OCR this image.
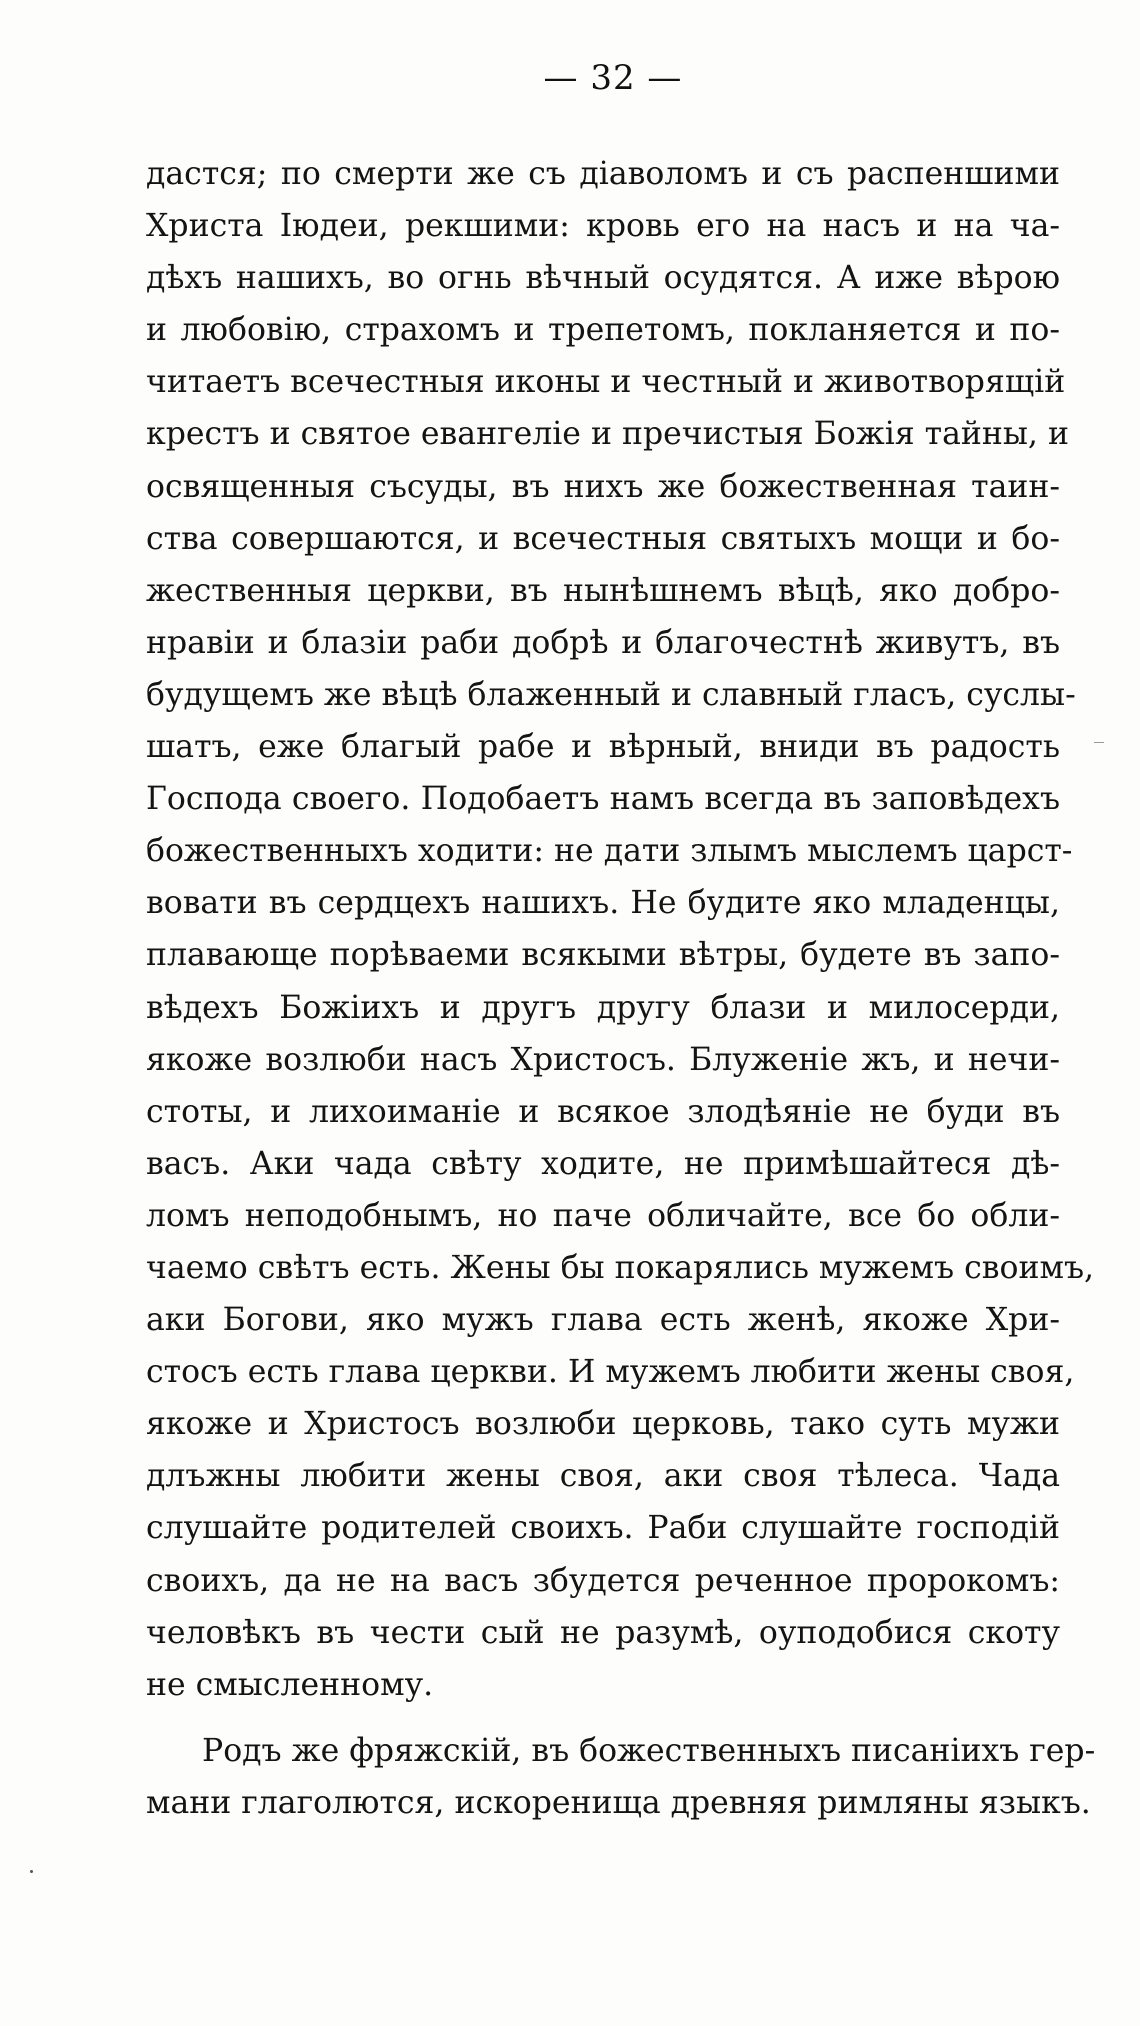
— 32 —
дастся; по смерти же съ діаволомъ и съ распеншими
Христа Іюдеи, рекшими: кровь его на насъ и на ча-
дѣхъ нашихъ, во огнь вѣчный осудятся. А иже вѣрою
и любовію, страхомъ и трепетомъ, покланяется и по-
читаетъ всечестныя иконы и честный и животворящій
крестъ и святое евангеліе и пречистыя Божія тайны, и
освященныя съсуды, въ нихъ же божественная таин-
ства совершаются, и всечестныя святыхъ мощи и бо-
жественныя церкви, въ нынѣшнемъ вѣцѣ, яко добро-
нравіи и блазіи раби добрѣ и благочестнѣ живутъ, въ
будущемъ же вѣцѣ блаженный и славный гласъ, суслы-
шатъ, еже благый рабе и вѣрный, вниди въ радость
Господа своего. Подобаетъ намъ всегда въ заповѣдехъ
божественныхъ ходити: не дати злымъ мыслемъ царст-
вовати въ сердцехъ нашихъ. Не будите яко младенцы,
плавающе порѣваеми всякыми вѣтры, будете въ запо-
вѣдехъ Божіихъ и другъ другу блази и милосерди,
якоже возлюби насъ Христосъ. Блуженіе жъ, и нечи-
стоты, и лихоиманіе и всякое злодѣяніе не буди въ
васъ. Аки чада свѣту ходите, не примѣшайтеся дѣ-
ломъ неподобнымъ, но паче обличайте, все бо обли-
чаемо свѣтъ есть. Жены бы покарялись мужемъ своимъ,
аки Богови, яко мужъ глава есть женѣ, якоже Хри-
стосъ есть глава церкви. И мужемъ любити жены своя,
якоже и Христосъ возлюби церковь, тако суть мужи
длъжны любити жены своя, аки своя тѣлеса. Чада
слушайте родителей своихъ. Раби слушайте господій
своихъ, да не на васъ збудется реченное пророкомъ:
человѣкъ въ чести сый не разумѣ, оуподобися скоту
не смысленному.
Родъ же фряжскій, въ божественныхъ писаніихъ гер-
мани глаголются, искоренища древняя римляны языкъ.
